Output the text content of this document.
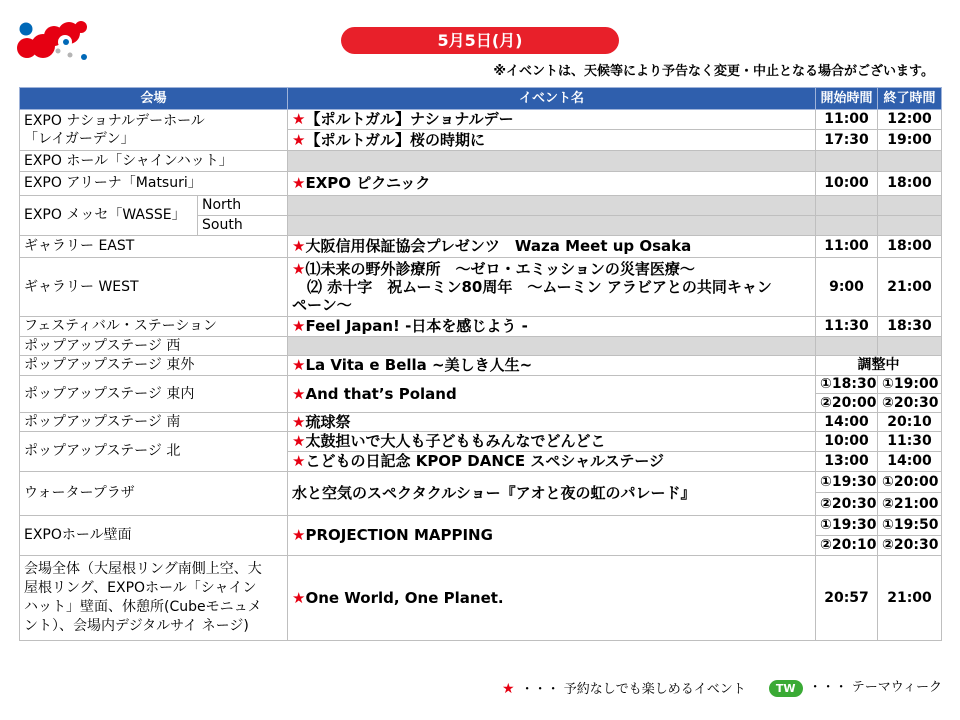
5月5日(月)
※イベントは、天候等により予告なく変更・中止となる場合がございます。
会場		イベント名	開始時間	終了時間

EXPO ナショナルデーホール
「レイガーデン」		★【ポルトガル】ナショナルデー	11:00	12:00
		★【ポルトガル】桜の時期に	17:30	19:00
EXPO ホール「シャインハット」				
EXPO アリーナ「Matsuri」		★EXPO ピクニック	10:00	18:00
EXPO メッセ「WASSE」	North			
	South			
ギャラリー EAST		★大阪信用保証協会プレゼンツ　Waza Meet up Osaka	11:00	18:00
ギャラリー WEST		★⑴未来の野外診療所　～ゼロ・エミッションの災害医療～
⑵ 赤十字　祝ムーミン80周年　～ムーミン アラビアとの共同キャン
ペーン～	9:00	21:00
フェスティバル・ステーション		★Feel Japan! -日本を感じよう -	11:30	18:30
ポップアップステージ 西				
ポップアップステージ 東外		★La Vita e Bella ~美しき人生~	調整中	
ポップアップステージ 東内		★And that’s Poland	①18:30	①19:00
			②20:00	②20:30
ポップアップステージ 南		★琉球祭	14:00	20:10
ポップアップステージ 北		★太鼓担いで大人も子どももみんなでどんどこ	10:00	11:30
		★こどもの日記念 KPOP DANCE スペシャルステージ	13:00	14:00
ウォータープラザ		水と空気のスペクタクルショー『アオと夜の虹のパレード』	①19:30	①20:00
			②20:30	②21:00
EXPOホール壁面		★PROJECTION MAPPING	①19:30	①19:50
			②20:10	②20:30

会場全体（大屋根リング南側上空、大
屋根リング、EXPOホール「シャイン
ハット」壁面、休憩所(Cubeモニュメ
ント）、会場内デジタルサイ ネージ)		★One World, One Planet.	20:57	21:00
★ ・・・ 予約なしでも楽しめるイベント	TW	・・・ テーマウィーク
